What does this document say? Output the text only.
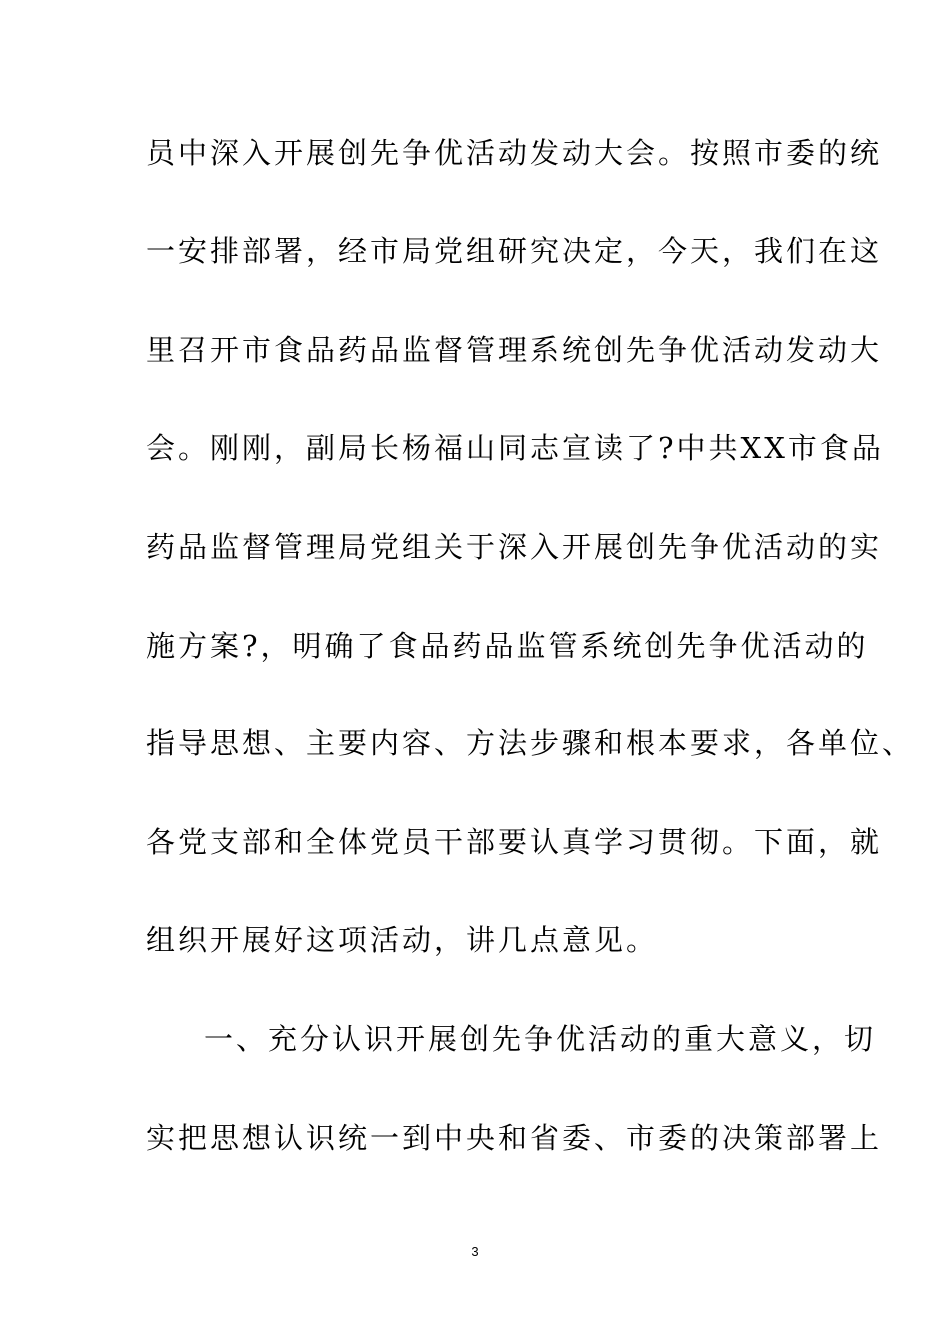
员中深入开展创先争优活动发动大会。按照市委的统
一安排部署，经市局党组研究决定，今天，我们在这
里召开市食品药品监督管理系统创先争优活动发动大
会。刚刚，副局长杨福山同志宣读了?中共XX市食品
药品监督管理局党组关于深入开展创先争优活动的实
施方案?，明确了食品药品监管系统创先争优活动的
指导思想、主要内容、方法步骤和根本要求，各单位、
各党支部和全体党员干部要认真学习贯彻。下面，就
组织开展好这项活动，讲几点意见。
一、充分认识开展创先争优活动的重大意义，切
实把思想认识统一到中央和省委、市委的决策部署上
3
